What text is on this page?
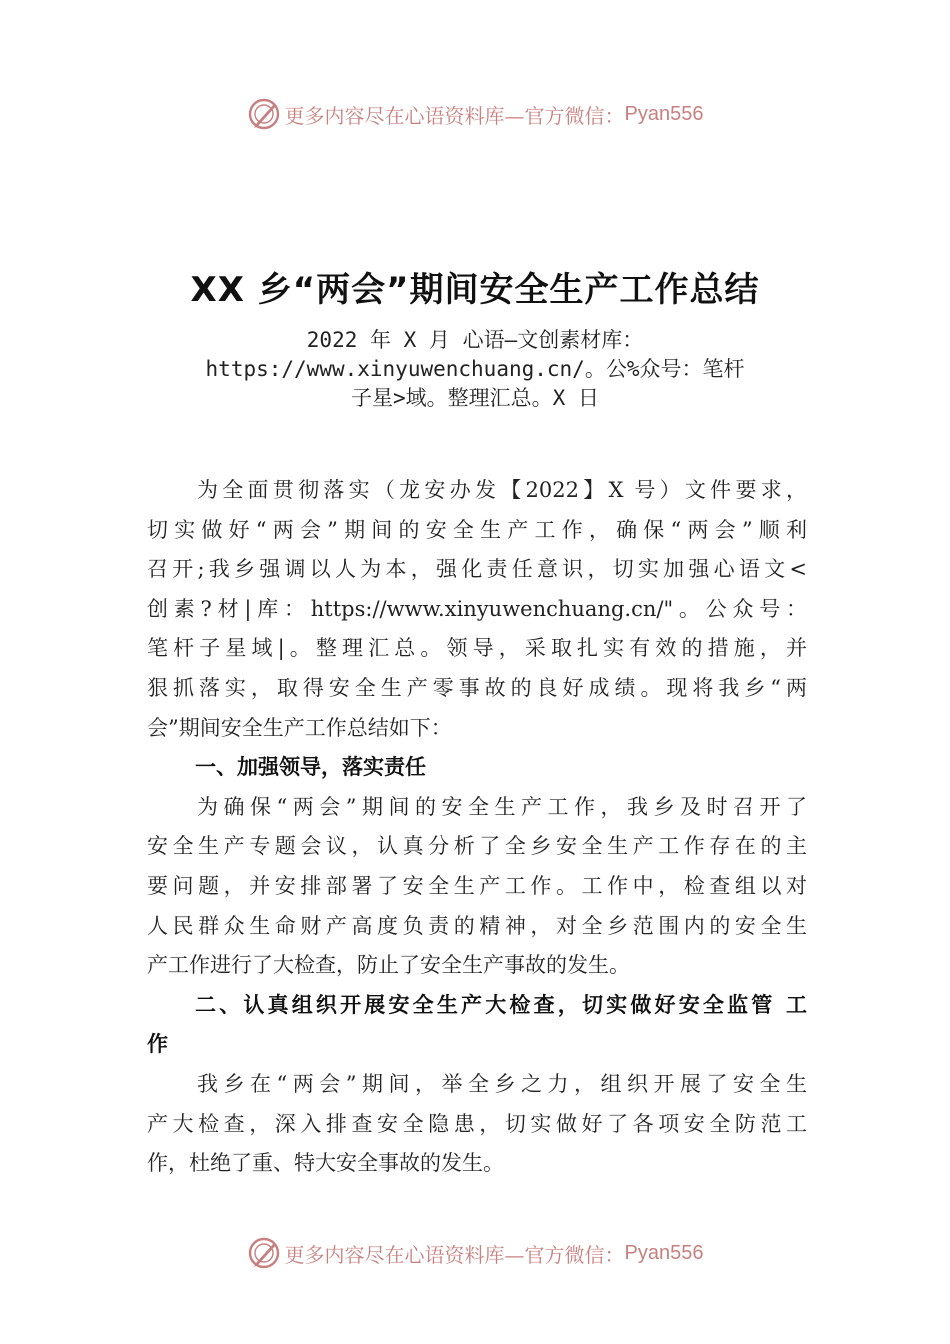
更多内容尽在心语资料库—官方微信： Pyan556
XX 乡“两会”期间安全生产工作总结
2022 年 X 月 心语—文创素材库：
https://www.xinyuwenchuang.cn/。公%众号：笔杆
子星>域。整理汇总。X 日
为全面贯彻落实（龙安办发【2022】X 号）文件要求，
切实做好“两会”期间的安全生产工作，确保“两会”顺利
召开;我乡强调以人为本，强化责任意识，切实加强心语文<
创素?材|库：https://www.xinyuwenchuang.cn/"。公众号：
笔杆子星域|。整理汇总。领导，采取扎实有效的措施，并
狠抓落实，取得安全生产零事故的良好成绩。现将我乡“两
会”期间安全生产工作总结如下：
一、加强领导，落实责任
为确保“两会”期间的安全生产工作，我乡及时召开了
安全生产专题会议，认真分析了全乡安全生产工作存在的主
要问题，并安排部署了安全生产工作。工作中，检查组以对
人民群众生命财产高度负责的精神，对全乡范围内的安全生
产工作进行了大检查，防止了安全生产事故的发生。
二、认真组织开展安全生产大检查，切实做好安全监管 工
作
我乡在“两会”期间，举全乡之力，组织开展了安全生
产大检查，深入排查安全隐患，切实做好了各项安全防范工
作，杜绝了重、特大安全事故的发生。
更多内容尽在心语资料库—官方微信： Pyan556
